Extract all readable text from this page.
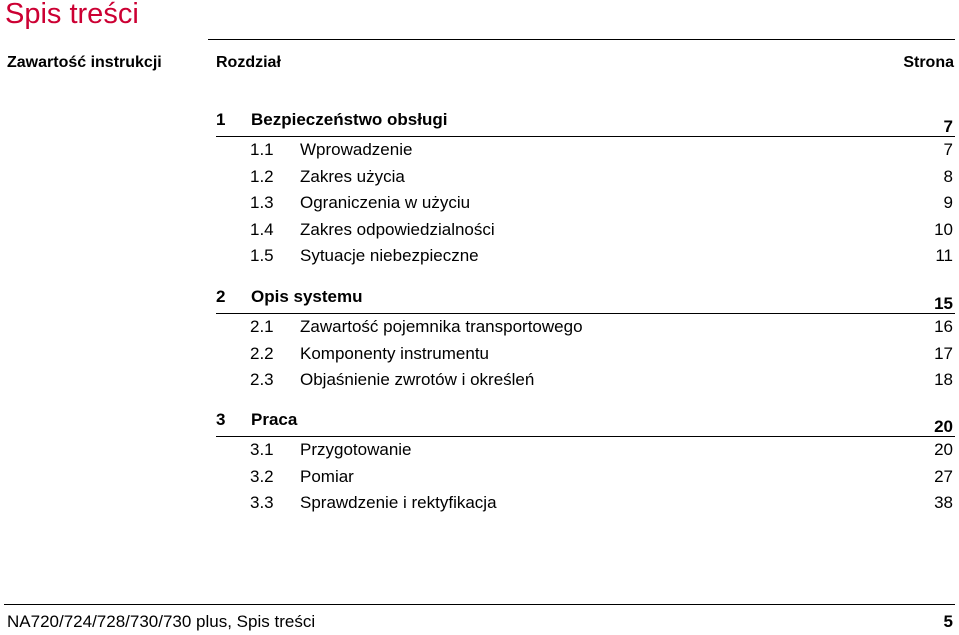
Spis treści
Zawartość instrukcji	Rozdział	Strona
1 Bezpieczeństwo obsługi	7
1.1 Wprowadzenie	7
1.2 Zakres użycia	8
1.3 Ograniczenia w użyciu	9
1.4 Zakres odpowiedzialności	10
1.5 Sytuacje niebezpieczne	11
2 Opis systemu	15
2.1 Zawartość pojemnika transportowego	16
2.2 Komponenty instrumentu	17
2.3 Objaśnienie zwrotów i określeń	18
3 Praca	20
3.1 Przygotowanie	20
3.2 Pomiar	27
3.3 Sprawdzenie i rektyfikacja	38
NA720/724/728/730/730 plus, Spis treści	5
